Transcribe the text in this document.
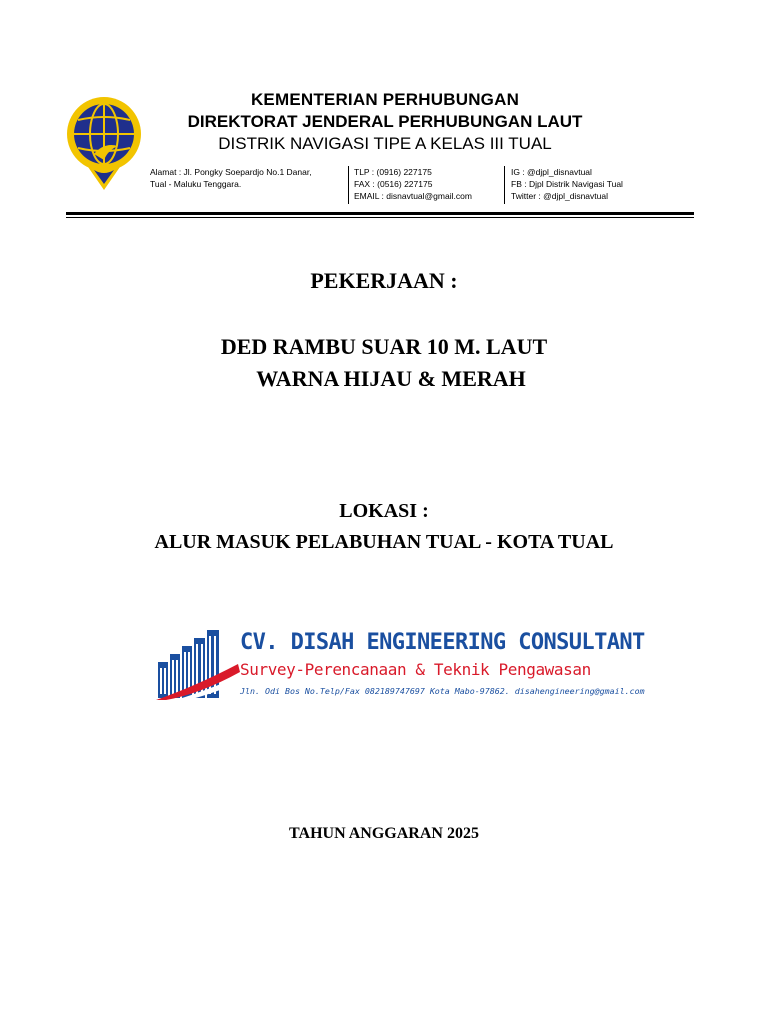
KEMENTERIAN PERHUBUNGAN
DIREKTORAT JENDERAL PERHUBUNGAN LAUT
DISTRIK NAVIGASI TIPE A KELAS III TUAL
Alamat : Jl. Pongky Soepardjo No.1 Danar,
Tual - Maluku Tenggara.
TLP : (0916) 227175
FAX : (0516) 227175
EMAIL : disnavtual@gmail.com
IG : @djpl_disnavtual
FB : Djpl Distrik Navigasi Tual
Twitter : @djpl_disnavtual
PEKERJAAN :
DED RAMBU SUAR 10 M. LAUT
WARNA HIJAU & MERAH
LOKASI :
ALUR MASUK PELABUHAN TUAL - KOTA TUAL
CV. DISAH ENGINEERING CONSULTANT
Survey-Perencanaan & Teknik Pengawasan
Jln. Odi Bos No.Telp/Fax 082189747697 Kota Mabo-97862. disahengineering@gmail.com
TAHUN ANGGARAN 2025
